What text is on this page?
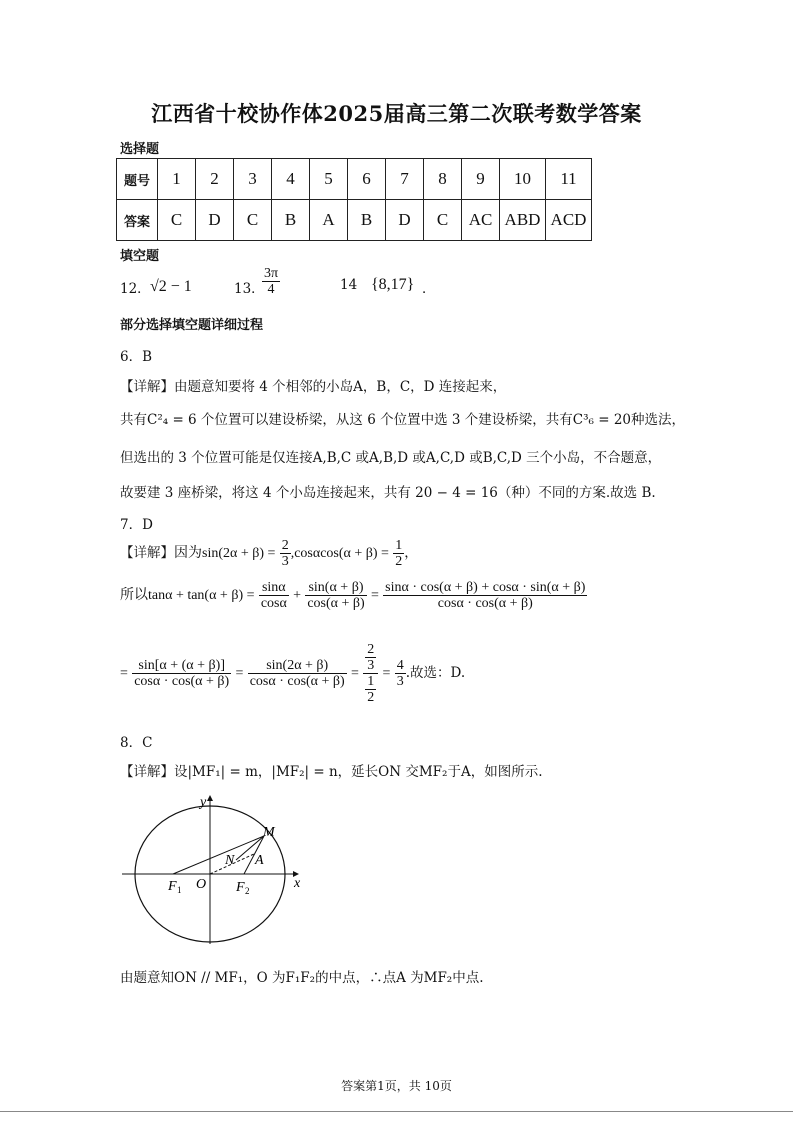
江西省十校协作体2025届高三第二次联考数学答案
选择题
题号	1	2	3	4	5	6	7	8	9	10	11
答案	C	D	C	B	A	B	D	C	AC	ABD	ACD
填空题
12． √2 − 1	13．
$\frac{3\pi}{4}$	14 {8,17} ．
部分选择填空题详细过程
6．B
【详解】由题意知要将 4 个相邻的小岛A，B，C，D 连接起来，
共有C²₄ = 6 个位置可以建设桥梁，从这 6 个位置中选 3 个建设桥梁，共有C³₆ = 20种选法，
但选出的 3 个位置可能是仅连接A,B,C 或A,B,D 或A,C,D 或B,C,D 三个小岛，不合题意，
故要建 3 座桥梁，将这 4 个小岛连接起来，共有 20 − 4 = 16（种）不同的方案.故选 B.
7．D
【详解】因为$\sin(2\alpha + \beta) = \frac{2}{3} ,\cos\alpha\cos(\alpha + \beta) = \frac{1}{2}$ ，
所以$\tan\alpha + \tan(\alpha + \beta) = \frac{\sin\alpha}{\cos\alpha} + \frac{\sin(\alpha + \beta)}{\cos(\alpha + \beta)} = \frac{\sin\alpha \cdot \cos(\alpha + \beta) + \cos\alpha \cdot \sin(\alpha + \beta)}{\cos\alpha \cdot \cos(\alpha + \beta)}$
= $\frac{\sin[\alpha + (\alpha + \beta)]}{\cos\alpha \cdot \cos(\alpha + \beta)} = \frac{\sin(2\alpha + \beta)}{\cos\alpha \cdot \cos(\alpha + \beta)} = \frac{\frac{2}{3}}{\frac{1}{2}} = \frac{4}{3}$ .故选：D.
8．C
【详解】设|MF₁| = m，|MF₂| = n，延长ON 交MF₂于A，如图所示.
y
x
M
N A
F 1 O F 2
由题意知ON // MF₁，O 为F₁F₂的中点，∴点A 为MF₂中点.
答案第1页，共 10页
